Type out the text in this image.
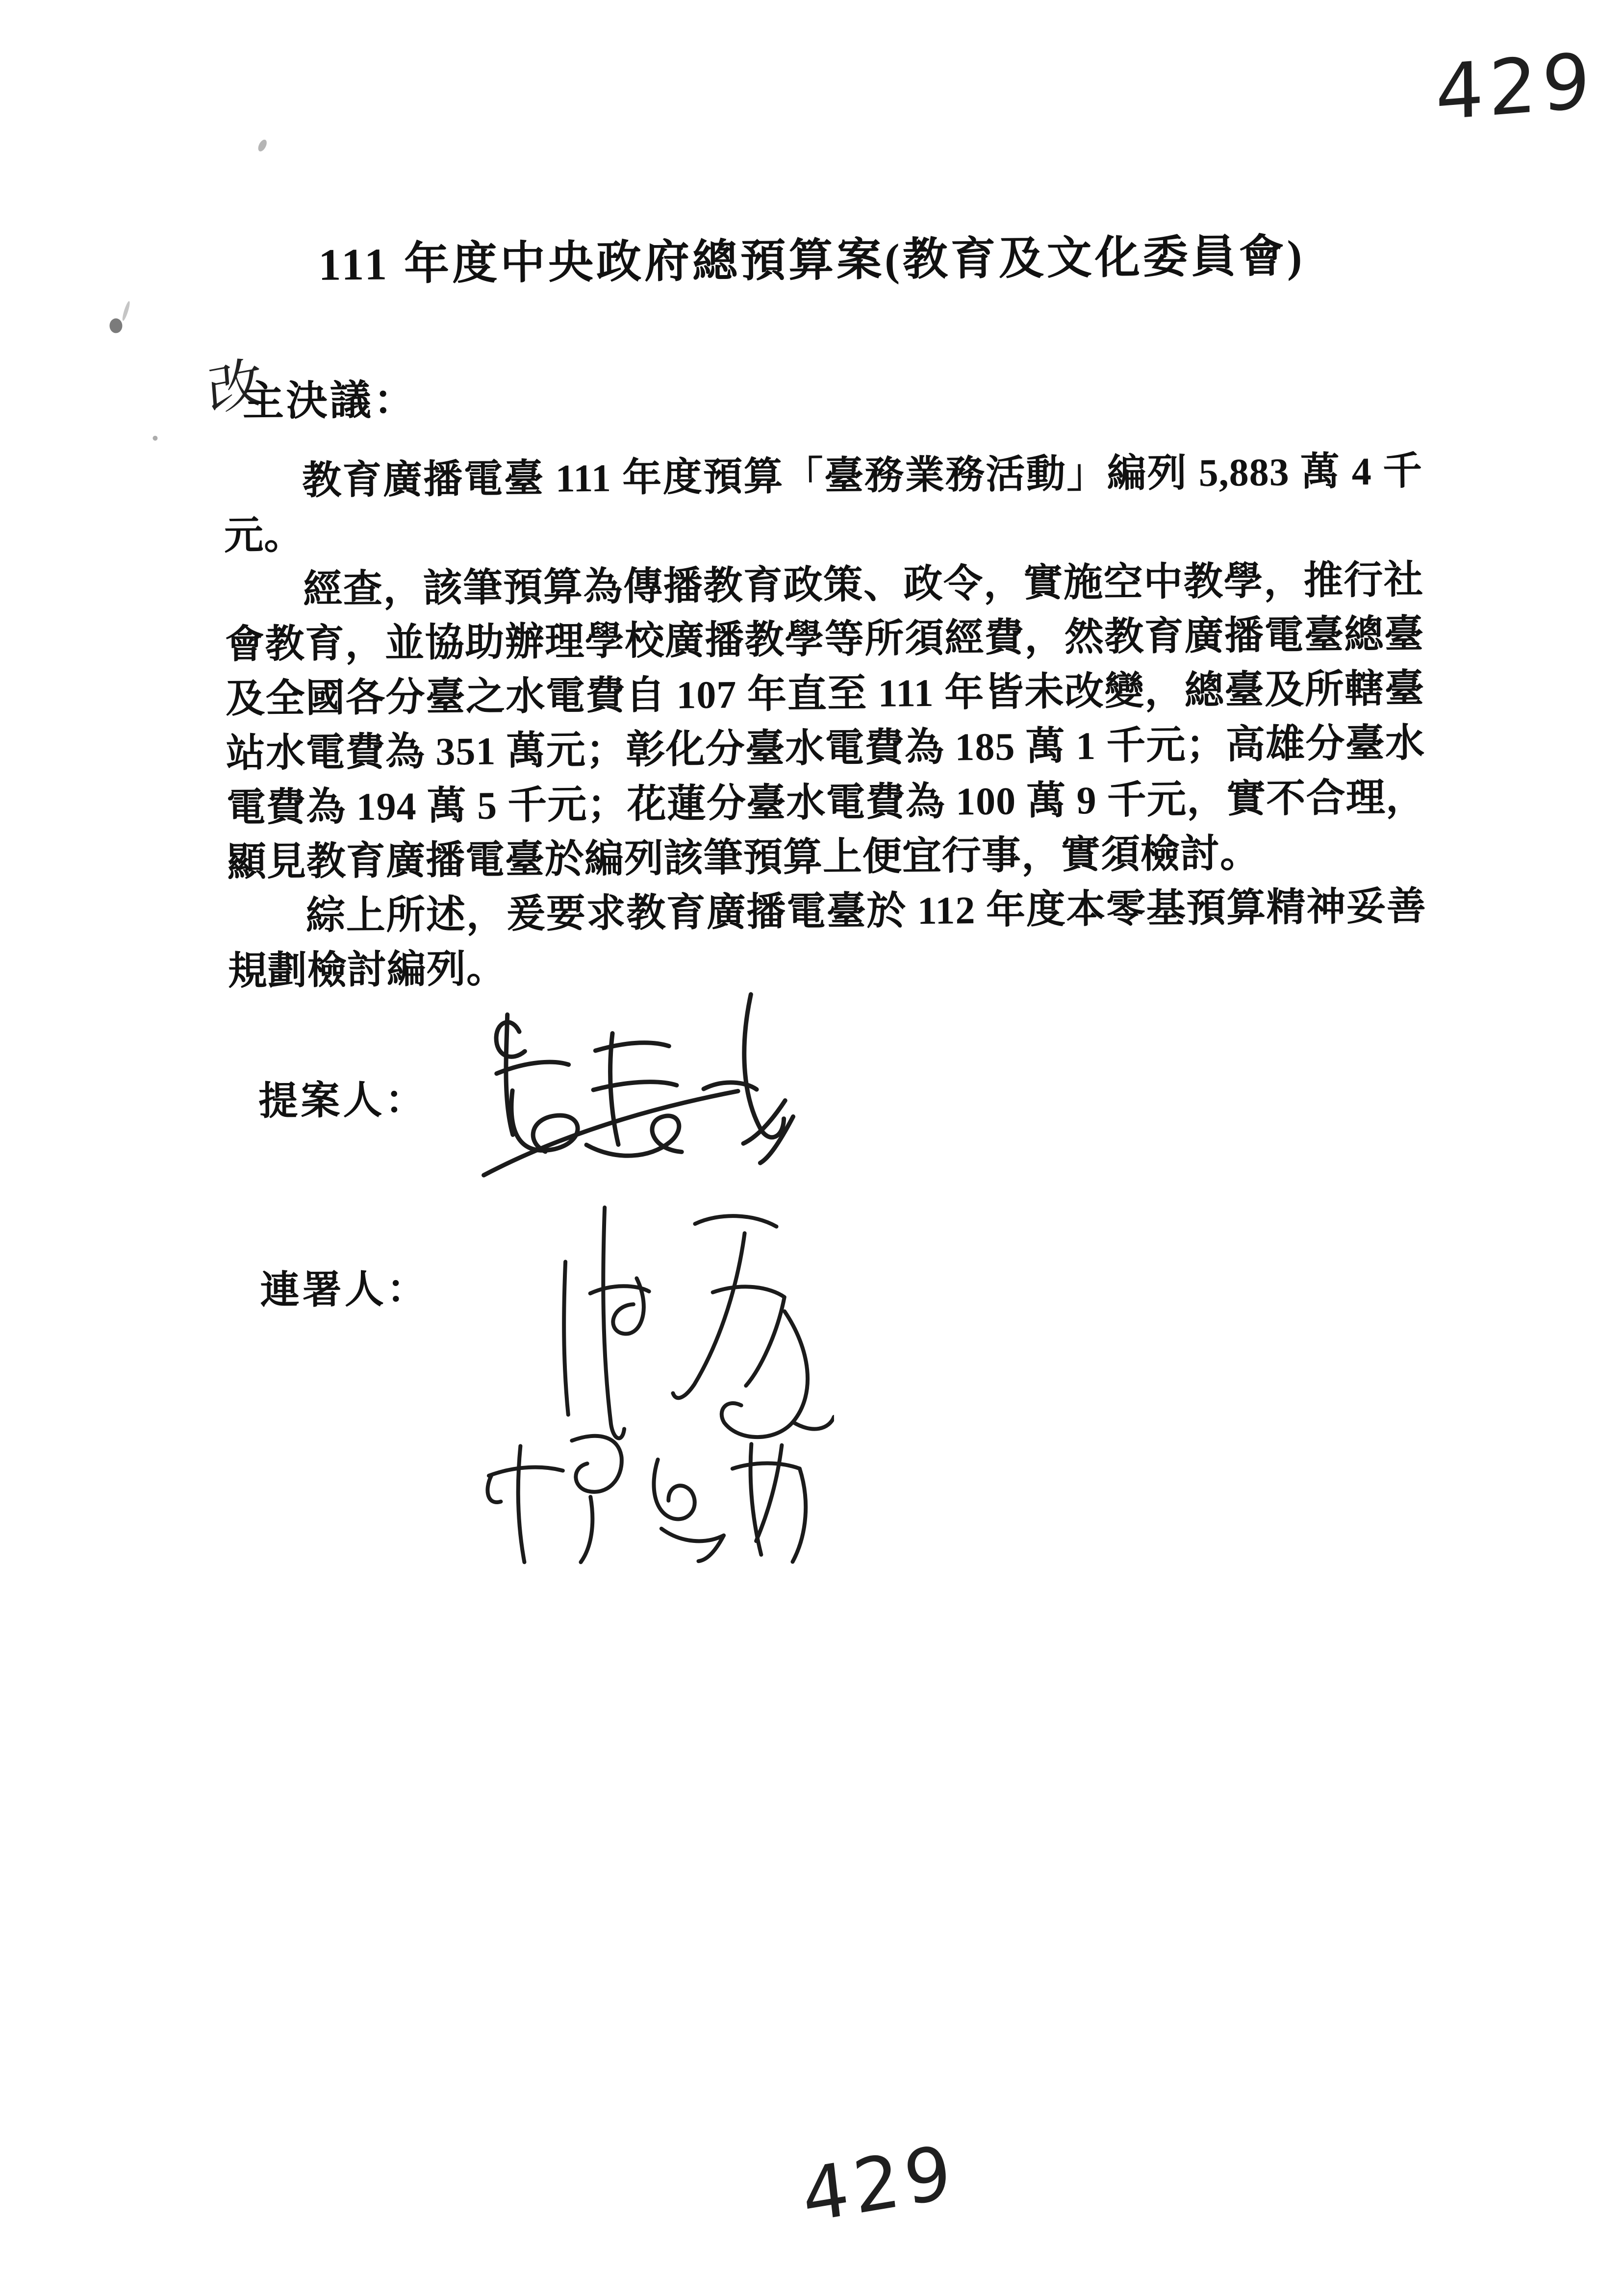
429
111 年度中央政府總預算案(教育及文化委員會)
改
主決議：
教育廣播電臺 111 年度預算「臺務業務活動」編列 5,883 萬 4 千
元。
經查，該筆預算為傳播教育政策、政令，實施空中教學，推行社
會教育，並協助辦理學校廣播教學等所須經費，然教育廣播電臺總臺
及全國各分臺之水電費自 107 年直至 111 年皆未改變，總臺及所轄臺
站水電費為 351 萬元；彰化分臺水電費為 185 萬 1 千元；高雄分臺水
電費為 194 萬 5 千元；花蓮分臺水電費為 100 萬 9 千元，實不合理，
顯見教育廣播電臺於編列該筆預算上便宜行事，實須檢討。
綜上所述，爰要求教育廣播電臺於 112 年度本零基預算精神妥善
規劃檢討編列。
提案人：
連署人：
429
